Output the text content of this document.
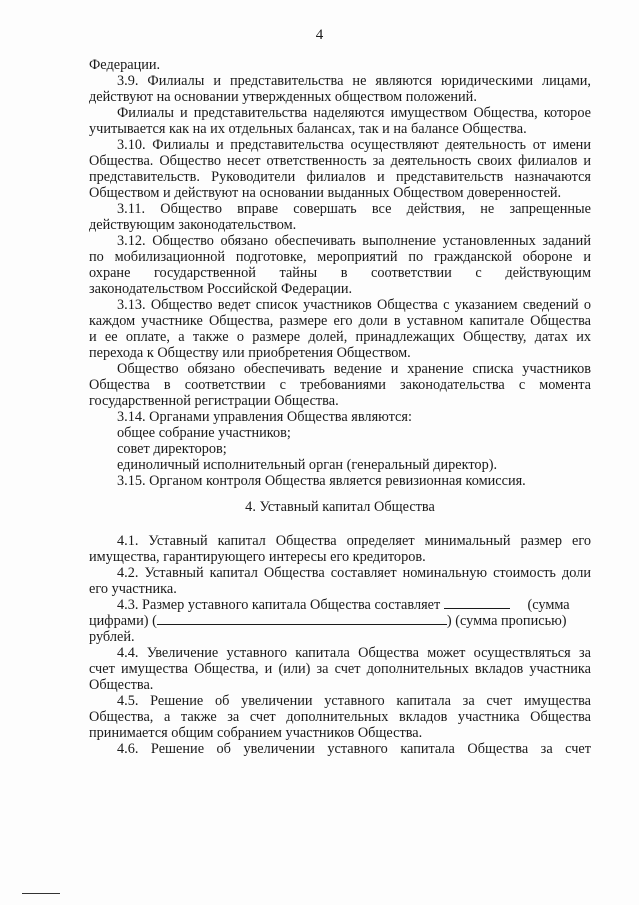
4
Федерации.
3.9. Филиалы и представительства не являются юридическими лицами,
действуют на основании утвержденных обществом положений.
Филиалы и представительства наделяются имуществом Общества, которое
учитывается как на их отдельных балансах, так и на балансе Общества.
3.10. Филиалы и представительства осуществляют деятельность от имени
Общества. Общество несет ответственность за деятельность своих филиалов и
представительств. Руководители филиалов и представительств назначаются
Обществом и действуют на основании выданных Обществом доверенностей.
3.11. Общество вправе совершать все действия, не запрещенные
действующим законодательством.
3.12. Общество обязано обеспечивать выполнение установленных заданий
по мобилизационной подготовке, мероприятий по гражданской обороне и
охране государственной тайны в соответствии с действующим
законодательством Российской Федерации.
3.13. Общество ведет список участников Общества с указанием сведений о
каждом участнике Общества, размере его доли в уставном капитале Общества
и ее оплате, а также о размере долей, принадлежащих Обществу, датах их
перехода к Обществу или приобретения Обществом.
Общество обязано обеспечивать ведение и хранение списка участников
Общества в соответствии с требованиями законодательства с момента
государственной регистрации Общества.
3.14. Органами управления Общества являются:
общее собрание участников;
совет директоров;
единоличный исполнительный орган (генеральный директор).
3.15. Органом контроля Общества является ревизионная комиссия.
4. Уставный капитал Общества
4.1. Уставный капитал Общества определяет минимальный размер его
имущества, гарантирующего интересы его кредиторов.
4.2. Уставный капитал Общества составляет номинальную стоимость доли
его участника.
4.3. Размер уставного капитала Общества составляет	(сумма
цифрами) (	) (сумма прописью)
рублей.
4.4. Увеличение уставного капитала Общества может осуществляться за
счет имущества Общества, и (или) за счет дополнительных вкладов участника
Общества.
4.5. Решение об увеличении уставного капитала за счет имущества
Общества, а также за счет дополнительных вкладов участника Общества
принимается общим собранием участников Общества.
4.6. Решение об увеличении уставного капитала Общества за счет
